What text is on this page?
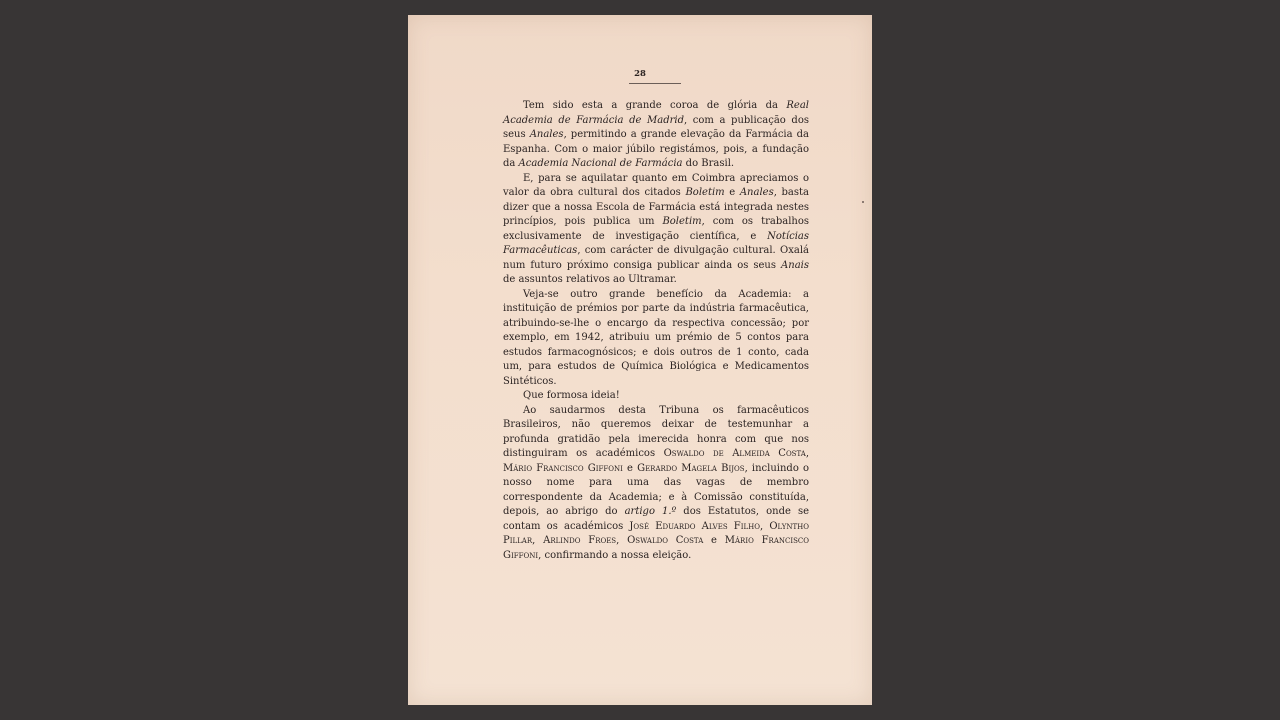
28

Tem sido esta a grande coroa de glória da Real Academia de Farmácia de Madrid, com a publicação dos seus Anales, permitindo a grande elevação da Farmácia da Espanha. Com o maior júbilo registámos, pois, a fundação da Academia Nacional de Farmácia do Brasil.

E, para se aquilatar quanto em Coimbra apreciamos o valor da obra cultural dos citados Boletim e Anales, basta dizer que a nossa Escola de Farmácia está integrada nestes princípios, pois publica um Boletim, com os trabalhos exclusivamente de investigação científica, e Notícias Farmacêuticas, com carácter de divulgação cultural. Oxalá num futuro próximo consiga publicar ainda os seus Anais de assuntos relativos ao Ultramar.

Veja-se outro grande benefício da Academia: a instituição de prémios por parte da indústria farmacêutica, atribuindo-se-lhe o encargo da respectiva concessão; por exemplo, em 1942, atribuiu um prémio de 5 contos para estudos farmacognósicos; e dois outros de 1 conto, cada um, para estudos de Química Biológica e Medicamentos Sintéticos.

Que formosa ideia!

Ao saudarmos desta Tribuna os farmacêuticos Brasileiros, não queremos deixar de testemunhar a profunda gratidão pela imerecida honra com que nos distinguiram os académicos Oswaldo de Almeida Costa, Mário Francisco Giffoni e Gerardo Magela Bijos, incluindo o nosso nome para uma das vagas de membro correspondente da Academia; e à Comissão constituída, depois, ao abrigo do artigo 1.º dos Estatutos, onde se contam os académicos José Eduardo Alves Filho, Olyntho Pillar, Arlindo Froes, Oswaldo Costa e Mário Francisco Giffoni, confirmando a nossa eleição.
